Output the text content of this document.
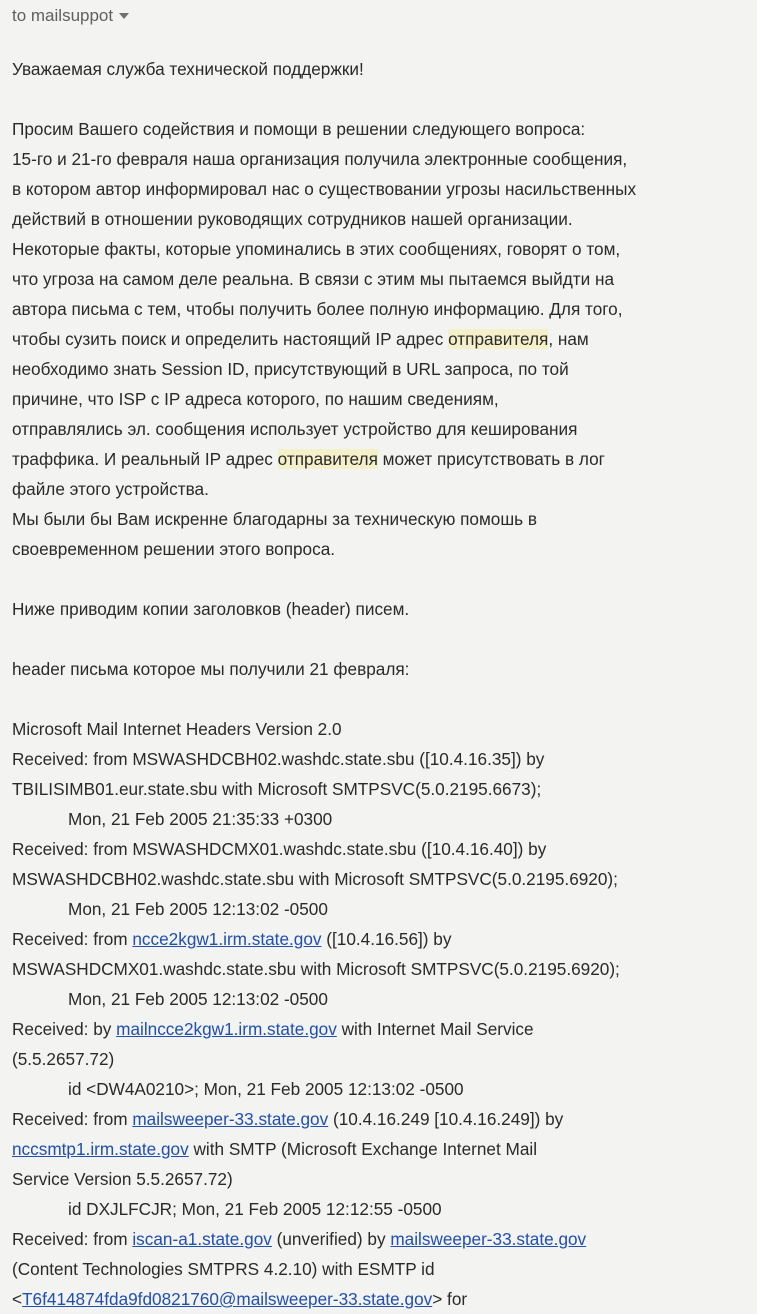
to mailsuppot
Уважаемая служба технической поддержки!
Просим Вашего содействия и помощи в решении следующего вопроса:
15-го и 21-го февраля наша организация получила электронные сообщения,
в котором автор информировал нас о существовании угрозы насильственных
действий в отношении руководящих сотрудников нашей организации.
Некоторые факты, которые упоминались в этих сообщениях, говорят о том,
что угроза на самом деле реальна. В связи с этим мы пытаемся выйдти на
автора письма с тем, чтобы получить более полную информацию. Для того,
чтобы сузить поиск и определить настоящий IP адрес отправителя, нам
необходимо знать Session ID, присутствующий в URL запроса, по той
причине, что ISP с IP адреса которого, по нашим сведениям,
отправлялись эл. сообщения использует устройство для кеширования
траффика. И реальный IP адрес отправителя может присутствовать в лог
файле этого устройства.
Мы были бы Вам искренне благодарны за техническую помошь в
своевременном решении этого вопроса.
Ниже приводим копии заголовков (header) писем.
header письма которое мы получили 21 февраля:
Microsoft Mail Internet Headers Version 2.0
Received: from MSWASHDCBH02.washdc.state.sbu ([10.4.16.35]) by
TBILISIMB01.eur.state.sbu with Microsoft SMTPSVC(5.0.2195.6673);
Mon, 21 Feb 2005 21:35:33 +0300
Received: from MSWASHDCMX01.washdc.state.sbu ([10.4.16.40]) by
MSWASHDCBH02.washdc.state.sbu with Microsoft SMTPSVC(5.0.2195.6920);
Mon, 21 Feb 2005 12:13:02 -0500
Received: from ncce2kgw1.irm.state.gov ([10.4.16.56]) by
MSWASHDCMX01.washdc.state.sbu with Microsoft SMTPSVC(5.0.2195.6920);
Mon, 21 Feb 2005 12:13:02 -0500
Received: by mailncce2kgw1.irm.state.gov with Internet Mail Service
(5.5.2657.72)
id <DW4A0210>; Mon, 21 Feb 2005 12:13:02 -0500
Received: from mailsweeper-33.state.gov (10.4.16.249 [10.4.16.249]) by
nccsmtp1.irm.state.gov with SMTP (Microsoft Exchange Internet Mail
Service Version 5.5.2657.72)
id DXJLFCJR; Mon, 21 Feb 2005 12:12:55 -0500
Received: from iscan-a1.state.gov (unverified) by mailsweeper-33.state.gov
(Content Technologies SMTPRS 4.2.10) with ESMTP id
<T6f414874fda9fd0821760@mailsweeper-33.state.gov> for
